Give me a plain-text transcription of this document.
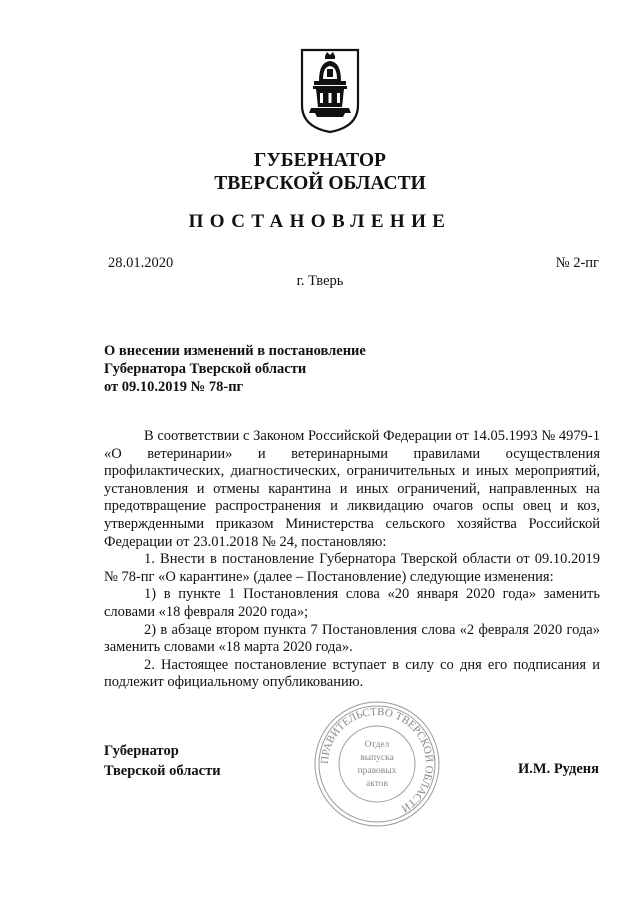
ГУБЕРНАТОР
ТВЕРСКОЙ ОБЛАСТИ
ПОСТАНОВЛЕНИЕ
28.01.2020	№ 2-пг
г. Тверь
О внесении изменений в постановление
Губернатора Тверской области
от 09.10.2019 № 78-пг

В соответствии с Законом Российской Федерации от 14.05.1993 № 4979-1 «О ветеринарии» и ветеринарными правилами осуществления профилактических, диагностических, ограничительных и иных мероприятий, установления и отмены карантина и иных ограничений, направленных на предотвращение распространения и ликвидацию очагов оспы овец и коз, утвержденными приказом Министерства сельского хозяйства Российской Федерации от 23.01.2018 № 24, постановляю:

1. Внести в постановление Губернатора Тверской области от 09.10.2019 № 78-пг «О карантине» (далее – Постановление) следующие изменения:

1) в пункте 1 Постановления слова «20 января 2020 года» заменить словами «18 февраля 2020 года»;

2) в абзаце втором пункта 7 Постановления слова «2 февраля 2020 года» заменить словами «18 марта 2020 года».

2. Настоящее постановление вступает в силу со дня его подписания и подлежит официальному опубликованию.

ПРАВИТЕЛЬСТВО ТВЕРСКОЙ ОБЛАСТИ
Отдел
выпуска
правовых
актов
Губернатор
Тверской области	И.М. Руденя
